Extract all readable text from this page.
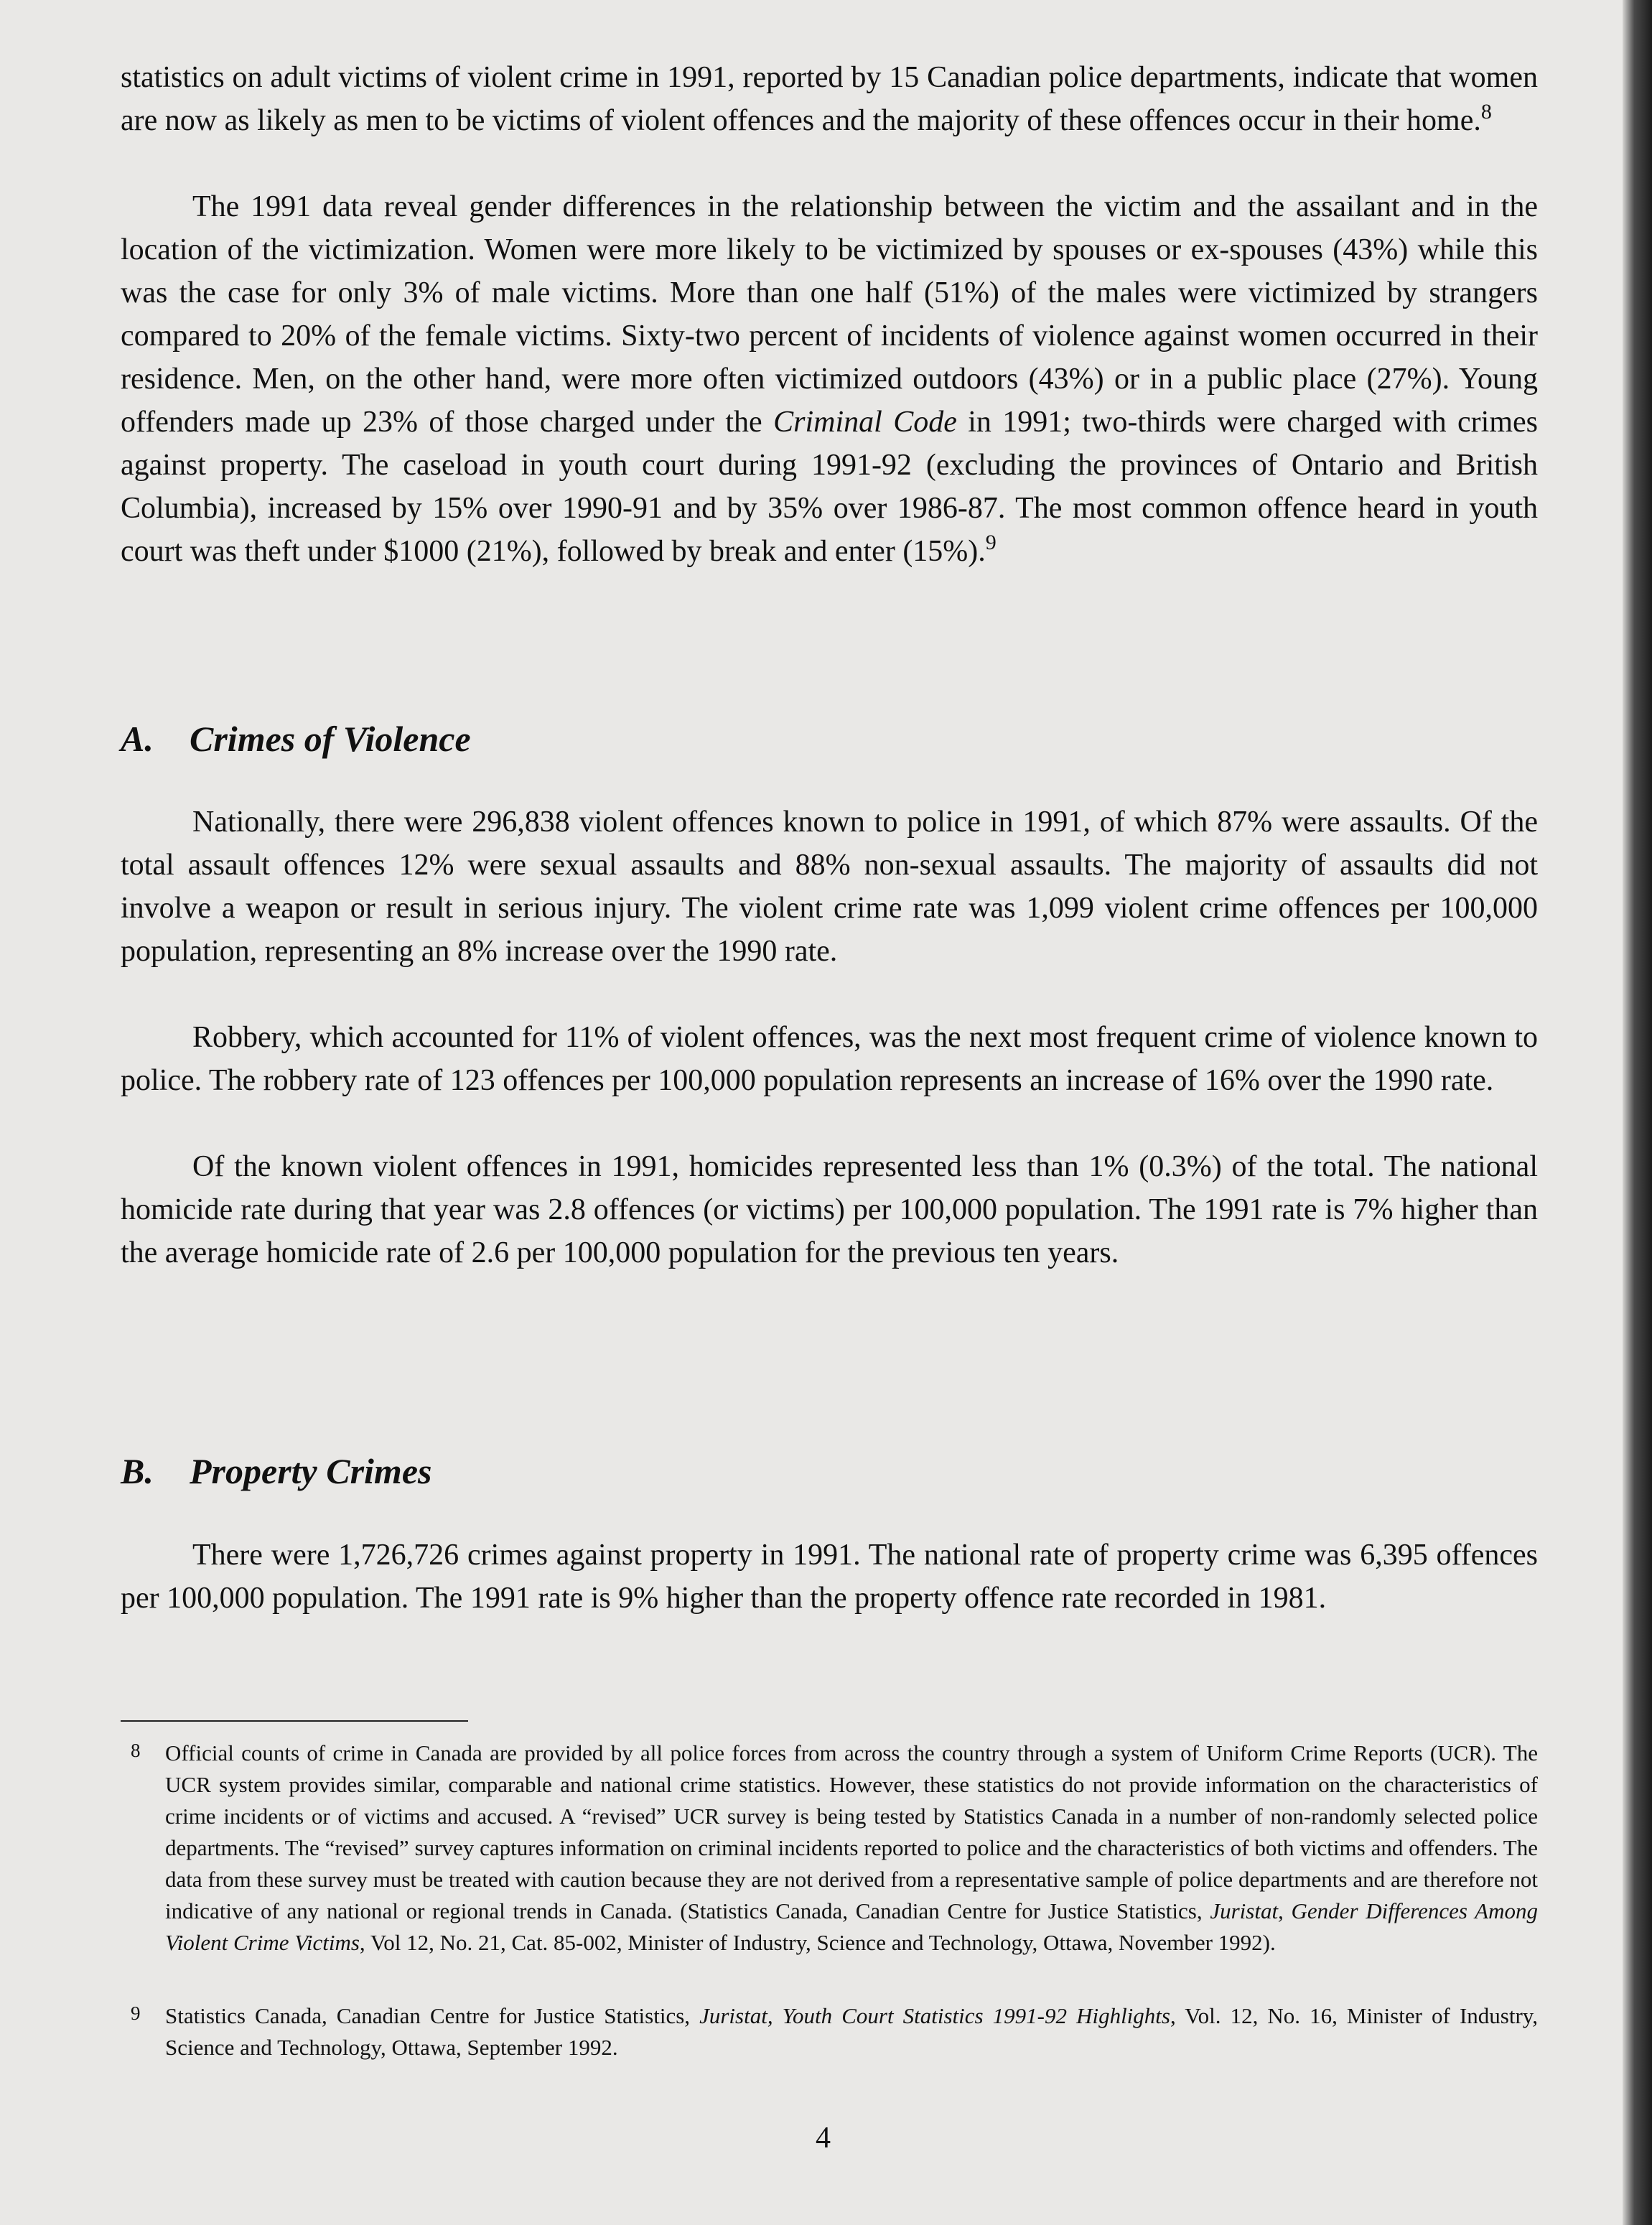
statistics on adult victims of violent crime in 1991, reported by 15 Canadian police departments, indicate that women are now as likely as men to be victims of violent offences and the majority of these offences occur in their home.$^8$

The 1991 data reveal gender differences in the relationship between the victim and the assailant and in the location of the victimization. Women were more likely to be victimized by spouses or ex-spouses (43%) while this was the case for only 3% of male victims. More than one half (51%) of the males were victimized by strangers compared to 20% of the female victims. Sixty-two percent of incidents of violence against women occurred in their residence. Men, on the other hand, were more often victimized outdoors (43%) or in a public place (27%). Young offenders made up 23% of those charged under the Criminal Code in 1991; two-thirds were charged with crimes against property. The caseload in youth court during 1991-92 (excluding the provinces of Ontario and British Columbia), increased by 15% over 1990-91 and by 35% over 1986-87. The most common offence heard in youth court was theft under $1000 (21%), followed by break and enter (15%).$^9$

A. Crimes of Violence

Nationally, there were 296,838 violent offences known to police in 1991, of which 87% were assaults. Of the total assault offences 12% were sexual assaults and 88% non-sexual assaults. The majority of assaults did not involve a weapon or result in serious injury. The violent crime rate was 1,099 violent crime offences per 100,000 population, representing an 8% increase over the 1990 rate.

Robbery, which accounted for 11% of violent offences, was the next most frequent crime of violence known to police. The robbery rate of 123 offences per 100,000 population represents an increase of 16% over the 1990 rate.

Of the known violent offences in 1991, homicides represented less than 1% (0.3%) of the total. The national homicide rate during that year was 2.8 offences (or victims) per 100,000 population. The 1991 rate is 7% higher than the average homicide rate of 2.6 per 100,000 population for the previous ten years.

B. Property Crimes

There were 1,726,726 crimes against property in 1991. The national rate of property crime was 6,395 offences per 100,000 population. The 1991 rate is 9% higher than the property offence rate recorded in 1981.

8 Official counts of crime in Canada are provided by all police forces from across the country through a system of Uniform Crime Reports (UCR). The UCR system provides similar, comparable and national crime statistics. However, these statistics do not provide information on the characteristics of crime incidents or of victims and accused. A “revised” UCR survey is being tested by Statistics Canada in a number of non-randomly selected police departments. The “revised” survey captures information on criminal incidents reported to police and the characteristics of both victims and offenders. The data from these survey must be treated with caution because they are not derived from a representative sample of police departments and are therefore not indicative of any national or regional trends in Canada. (Statistics Canada, Canadian Centre for Justice Statistics, Juristat, Gender Differences Among Violent Crime Victims, Vol 12, No. 21, Cat. 85-002, Minister of Industry, Science and Technology, Ottawa, November 1992).

9 Statistics Canada, Canadian Centre for Justice Statistics, Juristat, Youth Court Statistics 1991-92 Highlights, Vol. 12, No. 16, Minister of Industry, Science and Technology, Ottawa, September 1992.

4
